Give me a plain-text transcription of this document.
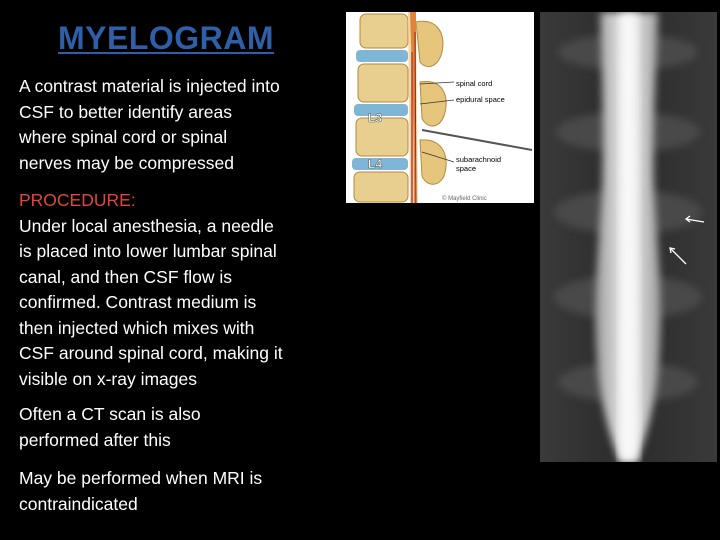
MYELOGRAM
A contrast material is injected into
CSF to better identify areas
where spinal cord or spinal
nerves may be compressed
PROCEDURE:
Under local anesthesia, a needle
is placed into lower lumbar spinal
canal, and then CSF flow is
confirmed. Contrast medium is
then injected which mixes with
CSF around spinal cord, making it
visible on x-ray images
Often a CT scan is also
performed after this
May be performed when MRI is
contraindicated
L3
L4
spinal cord
epidural space
subarachnoid
space
© Mayfield Clinic
